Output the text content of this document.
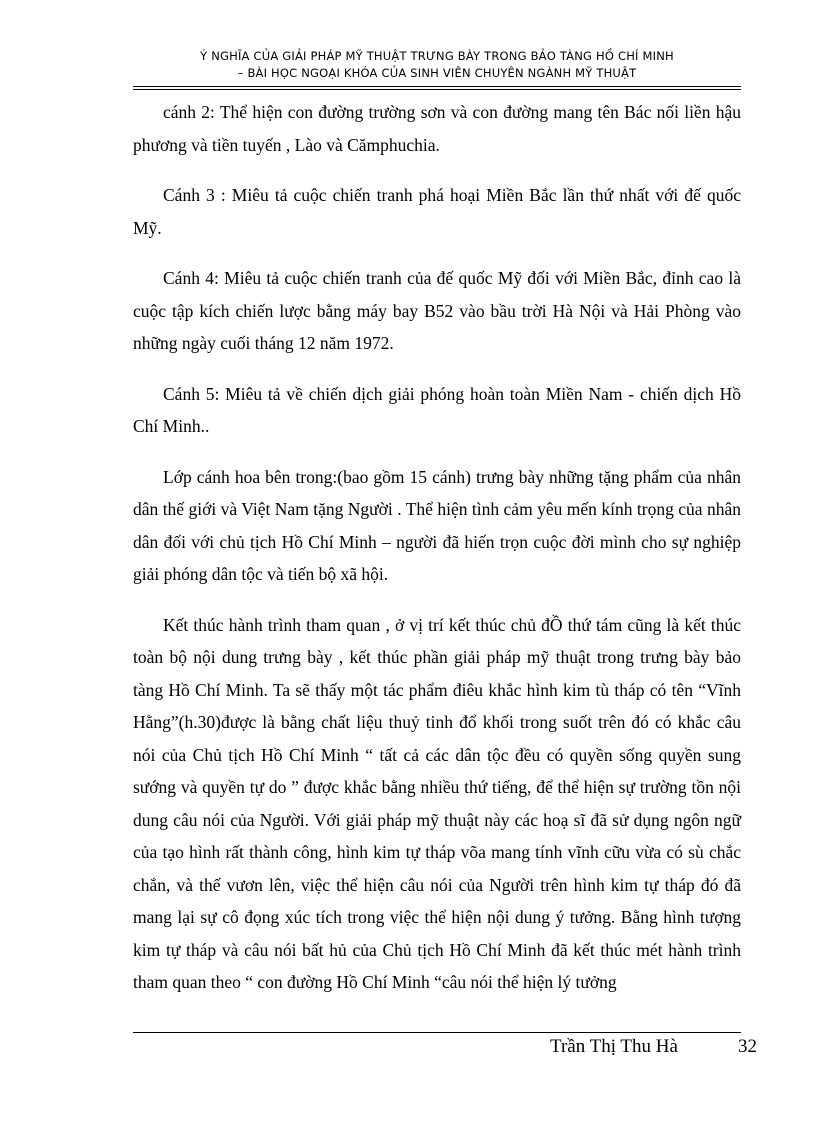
Ý NGHĨA CỦA GIẢI PHÁP MỸ THUẬT TRƯNG BÀY TRONG BẢO TÀNG HỒ CHÍ MINH
– BÀI HỌC NGOẠI KHÓA CỦA SINH VIÊN CHUYÊN NGÀNH MỸ THUẬT

cánh 2: Thể hiện con đường trường sơn và con đường mang tên Bác nối liền hậu phương và tiền tuyến , Lào và Cămphuchia.

Cánh 3 : Miêu tả cuộc chiến tranh phá hoại Miền Bắc lần thứ nhất với đế quốc Mỹ.

Cánh 4: Miêu tả cuộc chiến tranh của đế quốc Mỹ đối với Miền Bắc, đỉnh cao là cuộc tập kích chiến lược bằng máy bay B52 vào bầu trời Hà Nội và Hải Phòng vào những ngày cuối tháng 12 năm 1972.

Cánh 5: Miêu tả về chiến dịch giải phóng hoàn toàn Miền Nam - chiến dịch Hồ Chí Minh..

Lớp cánh hoa bên trong:(bao gồm 15 cánh) trưng bày những tặng phẩm của nhân dân thế giới và Việt Nam tặng Người . Thể hiện tình cảm yêu mến kính trọng của nhân dân đối với chủ tịch Hồ Chí Minh – người đã hiến trọn cuộc đời mình cho sự nghiệp giải phóng dân tộc và tiến bộ xã hội.

Kết thúc hành trình tham quan , ở vị trí kết thúc chủ đỒ thứ tám cũng là kết thúc toàn bộ nội dung trưng bày , kết thúc phần giải pháp mỹ thuật trong trưng bày bảo tàng Hồ Chí Minh. Ta sẽ thấy một tác phẩm điêu khắc hình kim tù tháp có tên “Vĩnh Hằng”(h.30)được là bằng chất liệu thuỷ tinh đổ khối trong suốt trên đó có khắc câu nói của Chủ tịch Hồ Chí Minh “ tất cả các dân tộc đều có quyền sống quyền sung sướng và quyền tự do ” được khắc bằng nhiều thứ tiếng, để thể hiện sự trường tồn nội dung câu nói của Người. Với giải pháp mỹ thuật này các hoạ sĩ đã sử dụng ngôn ngữ của tạo hình rất thành công, hình kim tự tháp võa mang tính vĩnh cữu vừa có sù chắc chắn, và thế vươn lên, việc thể hiện câu nói của Người trên hình kim tự tháp đó đã mang lại sự cô đọng xúc tích trong việc thể hiện nội dung ý tưởng. Bằng hình tượng kim tự tháp và câu nói bất hủ của Chủ tịch Hồ Chí Minh đã kết thúc mét hành trình tham quan theo “ con đường Hồ Chí Minh “câu nói thể hiện lý tưởng

Trần Thị Thu Hà	32
